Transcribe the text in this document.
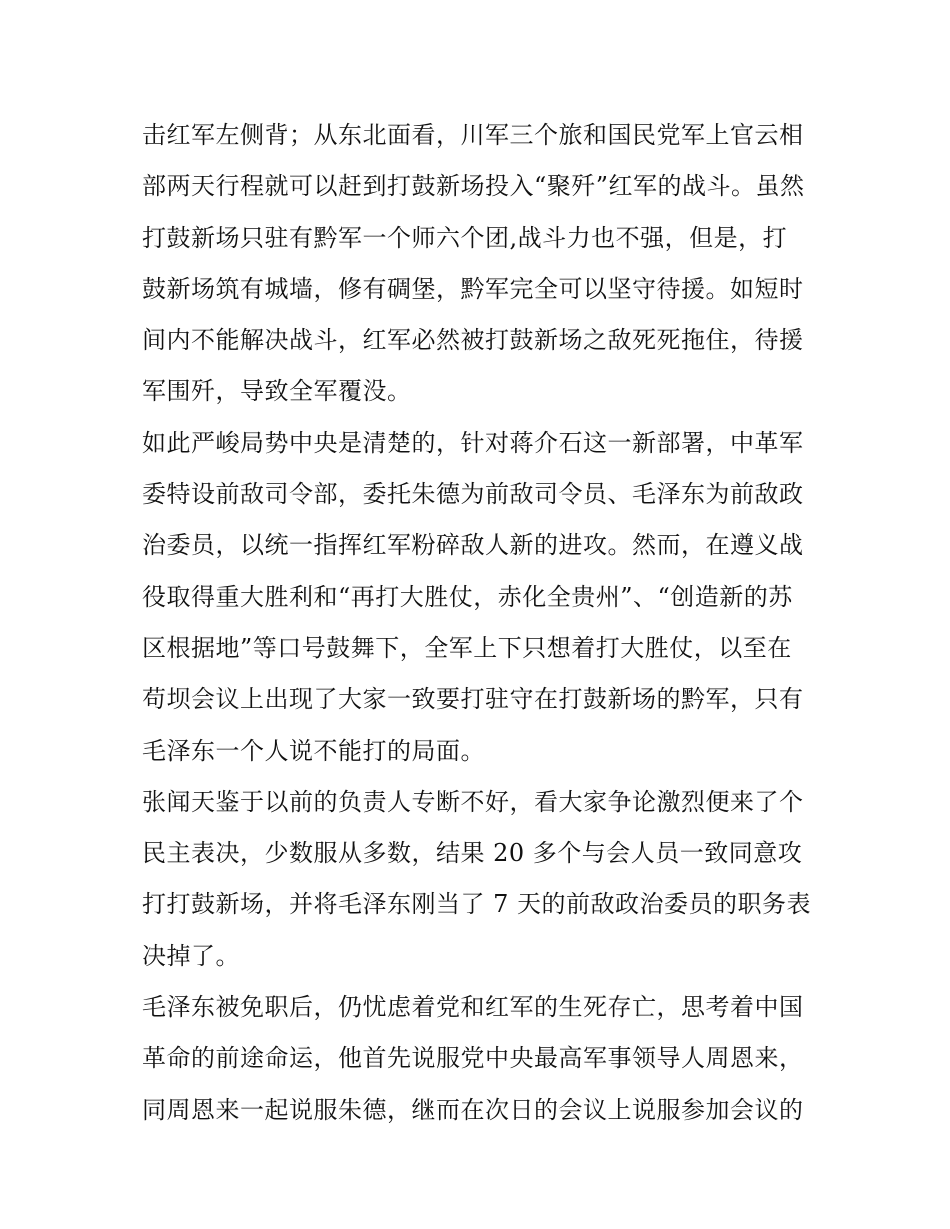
击红军左侧背；从东北面看，川军三个旅和国民党军上官云相
部两天行程就可以赶到打鼓新场投入“聚歼”红军的战斗。虽然
打鼓新场只驻有黔军一个师六个团,战斗力也不强，但是，打
鼓新场筑有城墙，修有碉堡，黔军完全可以坚守待援。如短时
间内不能解决战斗，红军必然被打鼓新场之敌死死拖住，待援
军围歼，导致全军覆没。
如此严峻局势中央是清楚的，针对蒋介石这一新部署，中革军
委特设前敌司令部，委托朱德为前敌司令员、毛泽东为前敌政
治委员，以统一指挥红军粉碎敌人新的进攻。然而，在遵义战
役取得重大胜利和“再打大胜仗，赤化全贵州”、“创造新的苏
区根据地”等口号鼓舞下，全军上下只想着打大胜仗，以至在
苟坝会议上出现了大家一致要打驻守在打鼓新场的黔军，只有
毛泽东一个人说不能打的局面。
张闻天鉴于以前的负责人专断不好，看大家争论激烈便来了个
民主表决，少数服从多数，结果 20 多个与会人员一致同意攻
打打鼓新场，并将毛泽东刚当了 7 天的前敌政治委员的职务表
决掉了。
毛泽东被免职后，仍忧虑着党和红军的生死存亡，思考着中国
革命的前途命运，他首先说服党中央最高军事领导人周恩来，
同周恩来一起说服朱德，继而在次日的会议上说服参加会议的
